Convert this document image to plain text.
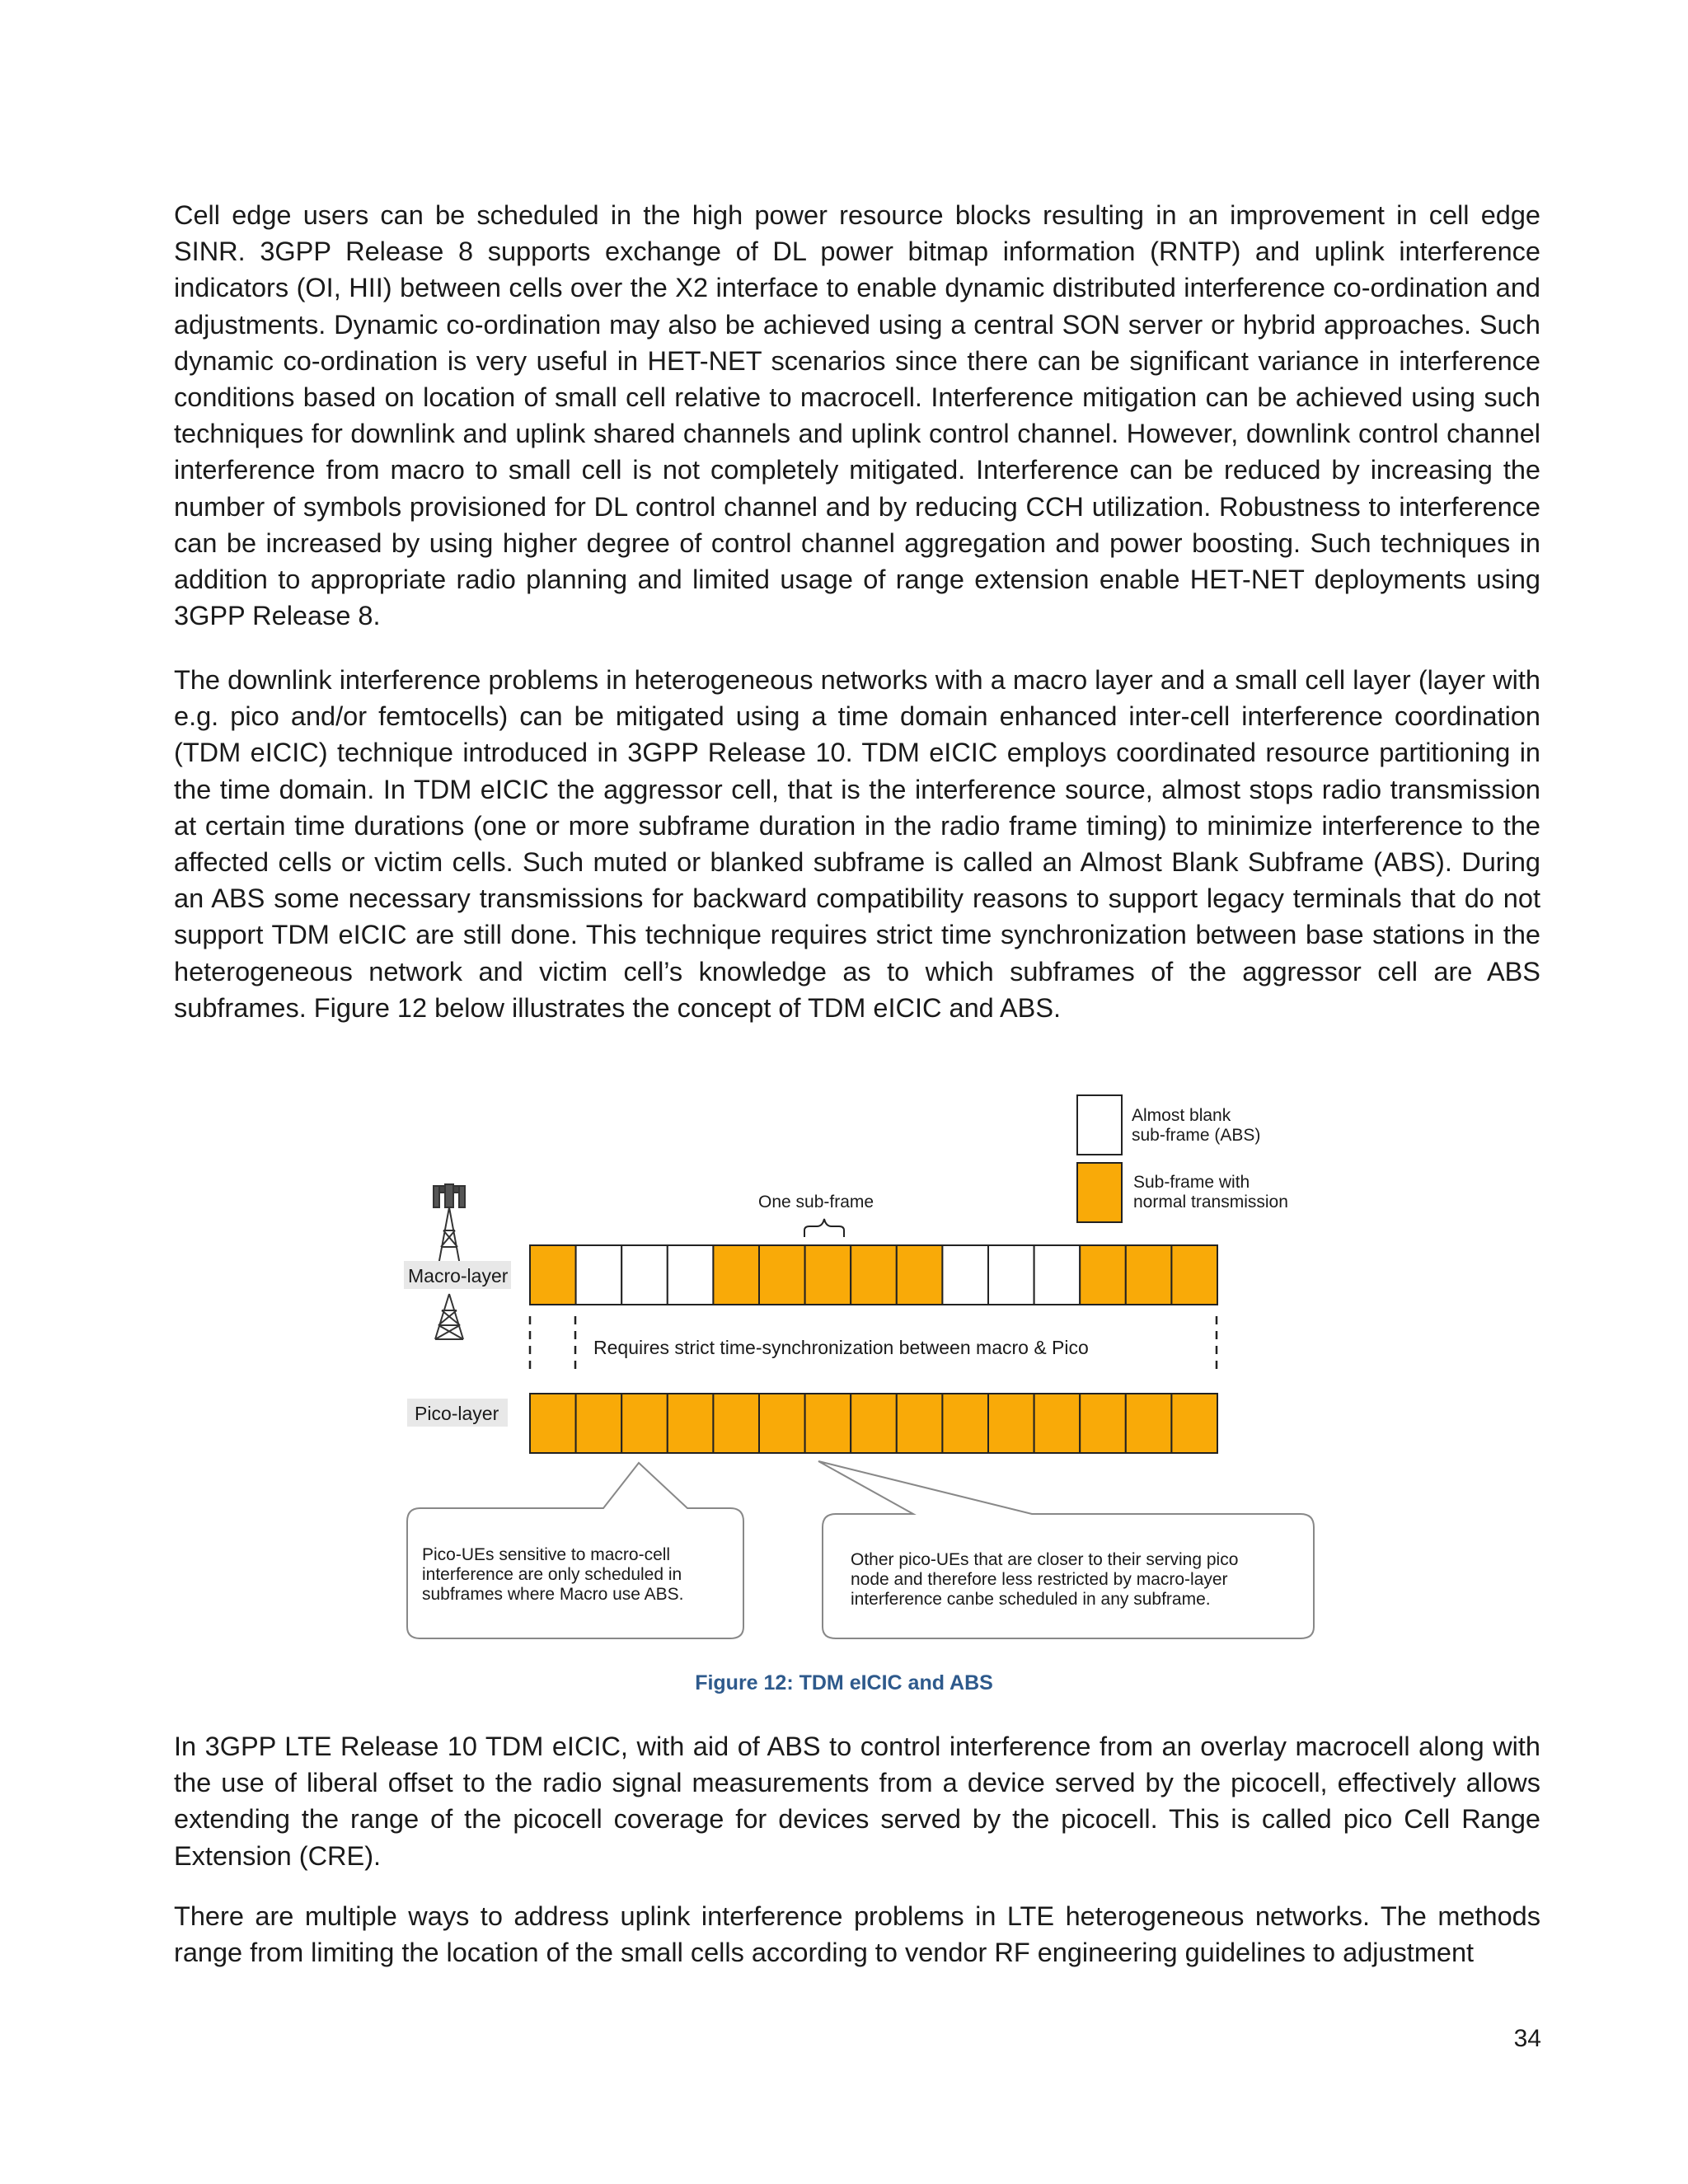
Cell edge users can be scheduled in the high power resource blocks resulting in an improvement in cell edge SINR. 3GPP Release 8 supports exchange of DL power bitmap information (RNTP) and uplink interference indicators (OI, HII) between cells over the X2 interface to enable dynamic distributed interference co-ordination and adjustments. Dynamic co-ordination may also be achieved using a central SON server or hybrid approaches. Such dynamic co-ordination is very useful in HET-NET scenarios since there can be significant variance in interference conditions based on location of small cell relative to macrocell. Interference mitigation can be achieved using such techniques for downlink and uplink shared channels and uplink control channel. However, downlink control channel interference from macro to small cell is not completely mitigated. Interference can be reduced by increasing the number of symbols provisioned for DL control channel and by reducing CCH utilization. Robustness to interference can be increased by using higher degree of control channel aggregation and power boosting. Such techniques in addition to appropriate radio planning and limited usage of range extension enable HET-NET deployments using 3GPP Release 8.

The downlink interference problems in heterogeneous networks with a macro layer and a small cell layer (layer with e.g. pico and/or femtocells) can be mitigated using a time domain enhanced inter-cell interference coordination (TDM eICIC) technique introduced in 3GPP Release 10. TDM eICIC employs coordinated resource partitioning in the time domain. In TDM eICIC the aggressor cell, that is the interference source, almost stops radio transmission at certain time durations (one or more subframe duration in the radio frame timing) to minimize interference to the affected cells or victim cells. Such muted or blanked subframe is called an Almost Blank Subframe (ABS). During an ABS some necessary transmissions for backward compatibility reasons to support legacy terminals that do not support TDM eICIC are still done. This technique requires strict time synchronization between base stations in the heterogeneous network and victim cell’s knowledge as to which subframes of the aggressor cell are ABS subframes. Figure 12 below illustrates the concept of TDM eICIC and ABS.

Almost blank
sub-frame (ABS)
Sub-frame with
normal transmission
One sub-frame
Macro-layer
Requires strict time-synchronization between macro & Pico
Pico-layer
Pico-UEs sensitive to macro-cell
interference are only scheduled in
subframes where Macro use ABS.
Other pico-UEs that are closer to their serving pico
node and therefore less restricted by macro-layer
interference canbe scheduled in any subframe.
Figure 12: TDM eICIC and ABS

In 3GPP LTE Release 10 TDM eICIC, with aid of ABS to control interference from an overlay macrocell along with the use of liberal offset to the radio signal measurements from a device served by the picocell, effectively allows extending the range of the picocell coverage for devices served by the picocell. This is called pico Cell Range Extension (CRE).

There are multiple ways to address uplink interference problems in LTE heterogeneous networks. The methods range from limiting the location of the small cells according to vendor RF engineering guidelines to adjustment

34
